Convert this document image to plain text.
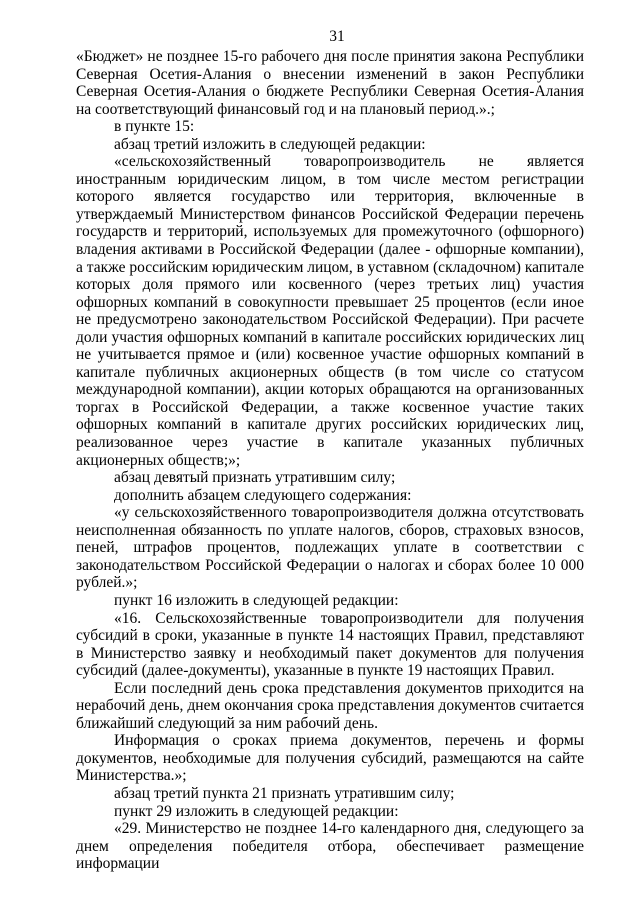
31

«Бюджет» не позднее 15-го рабочего дня после принятия закона Республики Северная Осетия-Алания о внесении изменений в закон Республики Северная Осетия-Алания о бюджете Республики Северная Осетия-Алания на соответствующий финансовый год и на плановый период.».;

в пункте 15:

абзац третий изложить в следующей редакции:

«сельскохозяйственный товаропроизводитель не является иностранным юридическим лицом, в том числе местом регистрации которого является государство или территория, включенные в утверждаемый Министерством финансов Российской Федерации перечень государств и территорий, используемых для промежуточного (офшорного) владения активами в Российской Федерации (далее - офшорные компании), а также российским юридическим лицом, в уставном (складочном) капитале которых доля прямого или косвенного (через третьих лиц) участия офшорных компаний в совокупности превышает 25 процентов (если иное не предусмотрено законодательством Российской Федерации). При расчете доли участия офшорных компаний в капитале российских юридических лиц не учитывается прямое и (или) косвенное участие офшорных компаний в капитале публичных акционерных обществ (в том числе со статусом международной компании), акции которых обращаются на организованных торгах в Российской Федерации, а также косвенное участие таких офшорных компаний в капитале других российских юридических лиц, реализованное через участие в капитале указанных публичных акционерных обществ;»;

абзац девятый признать утратившим силу;

дополнить абзацем следующего содержания:

«у сельскохозяйственного товаропроизводителя должна отсутствовать неисполненная обязанность по уплате налогов, сборов, страховых взносов, пеней, штрафов процентов, подлежащих уплате в соответствии с законодательством Российской Федерации о налогах и сборах более 10 000 рублей.»;

пункт 16 изложить в следующей редакции:

«16. Сельскохозяйственные товаропроизводители для получения субсидий в сроки, указанные в пункте 14 настоящих Правил, представляют в Министерство заявку и необходимый пакет документов для получения субсидий (далее-документы), указанные в пункте 19 настоящих Правил.

Если последний день срока представления документов приходится на нерабочий день, днем окончания срока представления документов считается ближайший следующий за ним рабочий день.

Информация о сроках приема документов, перечень и формы документов, необходимые для получения субсидий, размещаются на сайте Министерства.»;

абзац третий пункта 21 признать утратившим силу;

пункт 29 изложить в следующей редакции:

«29. Министерство не позднее 14-го календарного дня, следующего за днем определения победителя отбора, обеспечивает размещение информации
